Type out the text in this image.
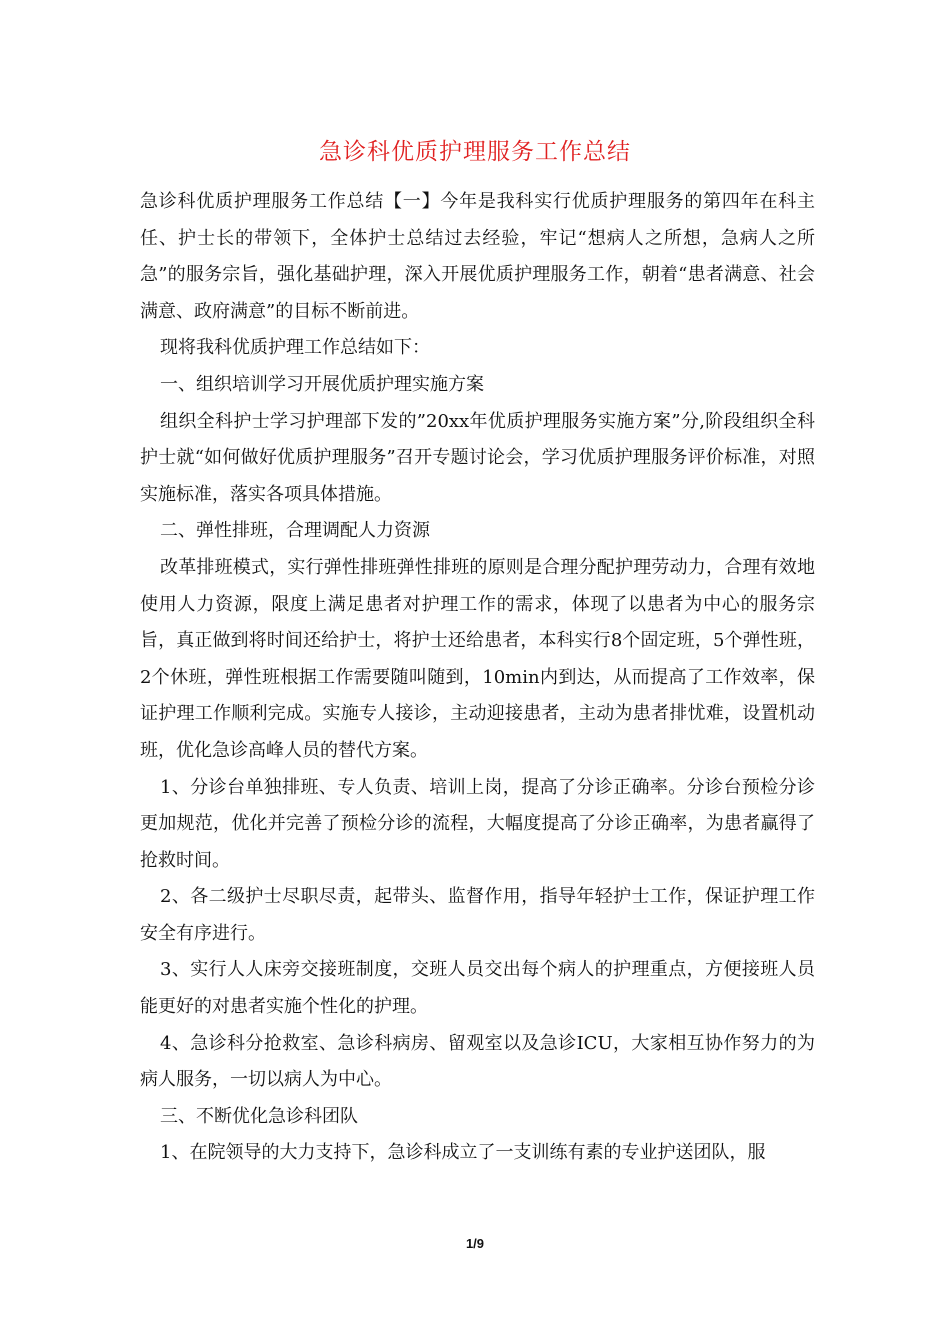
急诊科优质护理服务工作总结

急诊科优质护理服务工作总结【一】今年是我科实行优质护理服务的第四年在科主任、护士长的带领下，全体护士总结过去经验，牢记“想病人之所想，急病人之所急”的服务宗旨，强化基础护理，深入开展优质护理服务工作，朝着“患者满意、社会满意、政府满意”的目标不断前进。

现将我科优质护理工作总结如下：

一、组织培训学习开展优质护理实施方案

组织全科护士学习护理部下发的”20xx年优质护理服务实施方案”分,阶段组织全科护士就“如何做好优质护理服务”召开专题讨论会，学习优质护理服务评价标准，对照实施标准，落实各项具体措施。

二、弹性排班，合理调配人力资源

改革排班模式，实行弹性排班弹性排班的原则是合理分配护理劳动力，合理有效地使用人力资源，限度上满足患者对护理工作的需求，体现了以患者为中心的服务宗旨，真正做到将时间还给护士，将护士还给患者，本科实行8个固定班，5个弹性班，2个休班，弹性班根据工作需要随叫随到，10min内到达，从而提高了工作效率，保证护理工作顺利完成。实施专人接诊，主动迎接患者，主动为患者排忧难，设置机动班，优化急诊高峰人员的替代方案。

1、分诊台单独排班、专人负责、培训上岗，提高了分诊正确率。分诊台预检分诊更加规范，优化并完善了预检分诊的流程，大幅度提高了分诊正确率，为患者赢得了抢救时间。

2、各二级护士尽职尽责，起带头、监督作用，指导年轻护士工作，保证护理工作安全有序进行。

3、实行人人床旁交接班制度，交班人员交出每个病人的护理重点，方便接班人员能更好的对患者实施个性化的护理。

4、急诊科分抢救室、急诊科病房、留观室以及急诊ICU，大家相互协作努力的为病人服务，一切以病人为中心。

三、不断优化急诊科团队

1、在院领导的大力支持下，急诊科成立了一支训练有素的专业护送团队，服

1/9
